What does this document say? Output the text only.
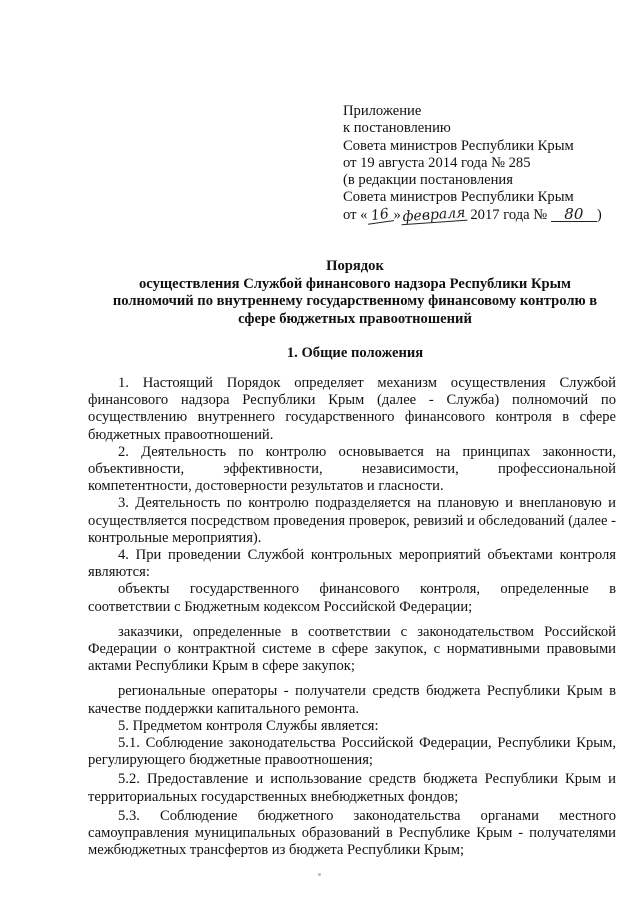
Приложение
к постановлению
Совета министров Республики Крым
от 19 августа 2014 года № 285
(в редакции постановления
Совета министров Республики Крым
от « 16 »февраля 2017 года № 80 )
Порядок
осуществления Службой финансового надзора Республики Крым
полномочий по внутреннему государственному финансовому контролю в
сфере бюджетных правоотношений
1. Общие положения

1. Настоящий Порядок определяет механизм осуществления Службой финансового надзора Республики Крым (далее - Служба) полномочий по осуществлению внутреннего государственного финансового контроля в сфере бюджетных правоотношений.

2. Деятельность по контролю основывается на принципах законности, объективности, эффективности, независимости, профессиональной компетентности, достоверности результатов и гласности.

3. Деятельность по контролю подразделяется на плановую и внеплановую и осуществляется посредством проведения проверок, ревизий и обследований (далее - контрольные мероприятия).

4. При проведении Службой контрольных мероприятий объектами контроля являются:

объекты государственного финансового контроля, определенные в соответствии с Бюджетным кодексом Российской Федерации;

заказчики, определенные в соответствии с законодательством Российской Федерации о контрактной системе в сфере закупок, с нормативными правовыми актами Республики Крым в сфере закупок;

региональные операторы - получатели средств бюджета Республики Крым в качестве поддержки капитального ремонта.

5. Предметом контроля Службы является:

5.1. Соблюдение законодательства Российской Федерации, Республики Крым, регулирующего бюджетные правоотношения;

5.2. Предоставление и использование средств бюджета Республики Крым и территориальных государственных внебюджетных фондов;

5.3. Соблюдение бюджетного законодательства органами местного самоуправления муниципальных образований в Республике Крым - получателями межбюджетных трансфертов из бюджета Республики Крым;
